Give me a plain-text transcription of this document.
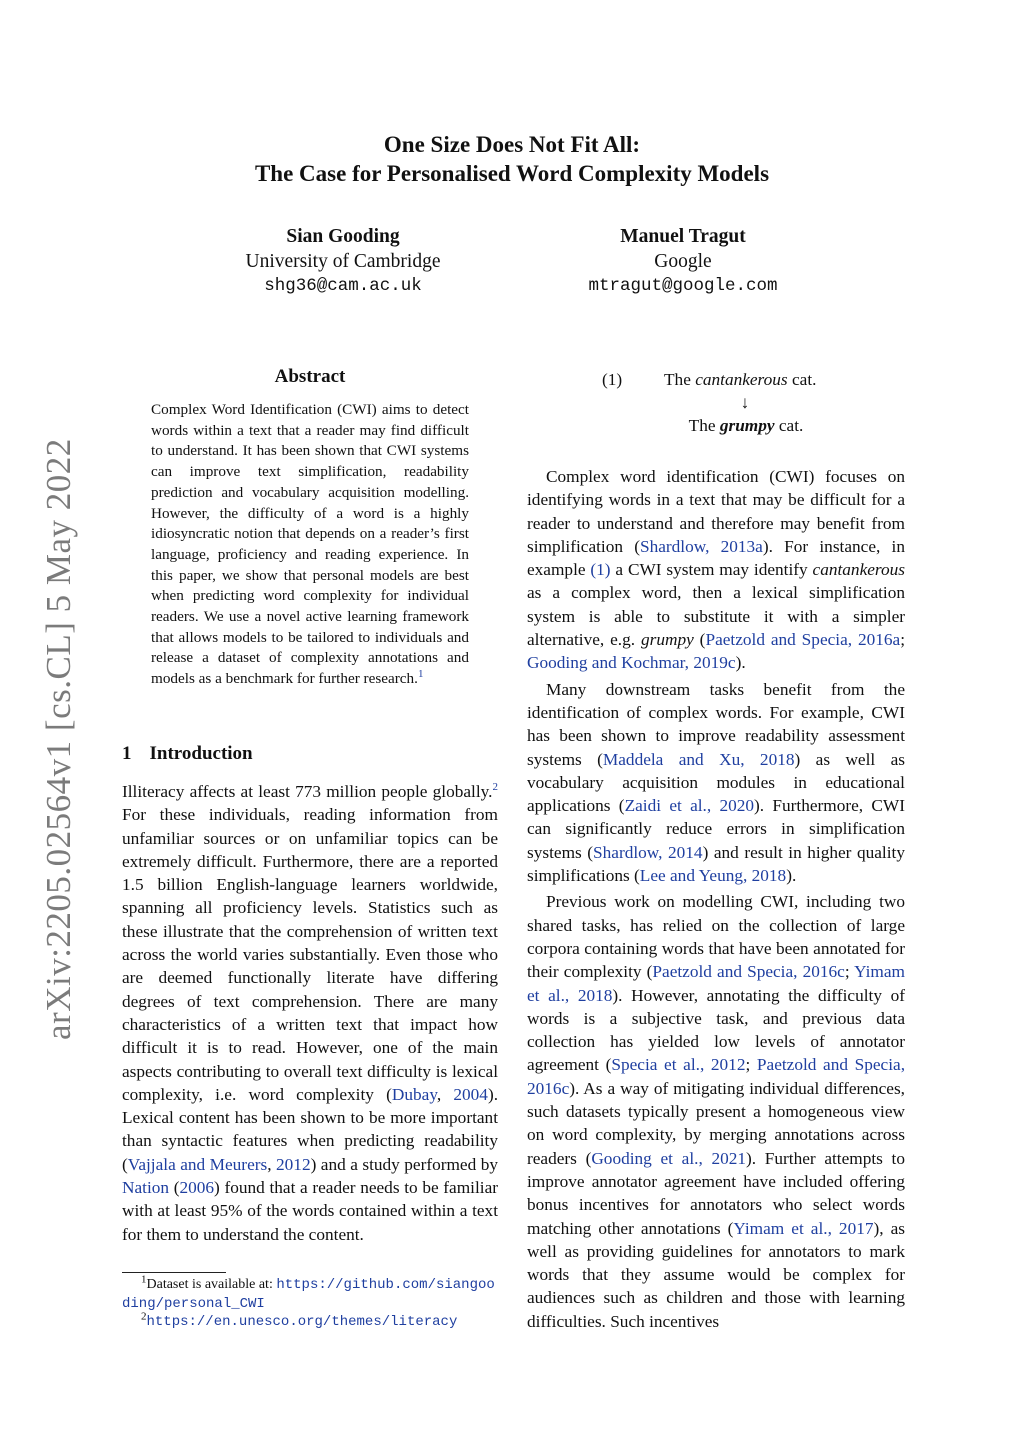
arXiv:2205.02564v1 [cs.CL] 5 May 2022
One Size Does Not Fit All:
The Case for Personalised Word Complexity Models
Sian Gooding
University of Cambridge
shg36@cam.ac.uk
Manuel Tragut
Google
mtragut@google.com
Abstract
Complex Word Identification (CWI) aims to detect words within a text that a reader may find difficult to understand. It has been shown that CWI systems can improve text simplification, readability prediction and vocabulary acquisition modelling. However, the difficulty of a word is a highly idiosyncratic notion that depends on a reader’s first language, proficiency and reading experience. In this paper, we show that personal models are best when predicting word complexity for individual readers. We use a novel active learning framework that allows models to be tailored to individuals and release a dataset of complexity annotations and models as a benchmark for further research.$^1$
1 Introduction

Illiteracy affects at least 773 million people globally.$^2$ For these individuals, reading information from unfamiliar sources or on unfamiliar topics can be extremely difficult. Furthermore, there are a reported 1.5 billion English-language learners worldwide, spanning all proficiency levels. Statistics such as these illustrate that the comprehension of written text across the world varies substantially. Even those who are deemed functionally literate have differing degrees of text comprehension. There are many characteristics of a written text that impact how difficult it is to read. However, one of the main aspects contributing to overall text difficulty is lexical complexity, i.e. word complexity (Dubay, 2004). Lexical content has been shown to be more important than syntactic features when predicting readability (Vajjala and Meurers, 2012) and a study performed by Nation (2006) found that a reader needs to be familiar with at least 95% of the words contained within a text for them to understand the content.

$^1$Dataset is available at: https://github.com/siangooding/personal_CWI
$^2$https://en.unesco.org/themes/literacy
(1) The cantankerous cat.
↓
The grumpy cat.

Complex word identification (CWI) focuses on identifying words in a text that may be difficult for a reader to understand and therefore may benefit from simplification (Shardlow, 2013a). For instance, in example (1) a CWI system may identify cantankerous as a complex word, then a lexical simplification system is able to substitute it with a simpler alternative, e.g. grumpy (Paetzold and Specia, 2016a; Gooding and Kochmar, 2019c).

Many downstream tasks benefit from the identification of complex words. For example, CWI has been shown to improve readability assessment systems (Maddela and Xu, 2018) as well as vocabulary acquisition modules in educational applications (Zaidi et al., 2020). Furthermore, CWI can significantly reduce errors in simplification systems (Shardlow, 2014) and result in higher quality simplifications (Lee and Yeung, 2018).

Previous work on modelling CWI, including two shared tasks, has relied on the collection of large corpora containing words that have been annotated for their complexity (Paetzold and Specia, 2016c; Yimam et al., 2018). However, annotating the difficulty of words is a subjective task, and previous data collection has yielded low levels of annotator agreement (Specia et al., 2012; Paetzold and Specia, 2016c). As a way of mitigating individual differences, such datasets typically present a homogeneous view on word complexity, by merging annotations across readers (Gooding et al., 2021). Further attempts to improve annotator agreement have included offering bonus incentives for annotators who select words matching other annotations (Yimam et al., 2017), as well as providing guidelines for annotators to mark words that they assume would be complex for audiences such as children and those with learning difficulties. Such incentives
